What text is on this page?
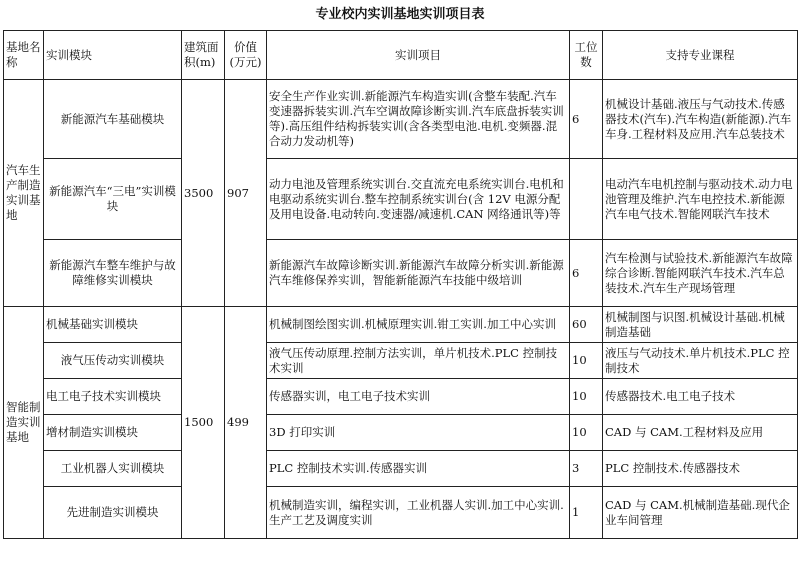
专业校内实训基地实训项目表
基地名称	实训模块	建筑面积(m)	价值(万元)	实训项目	工位数	支持专业课程
汽车生产制造实训基地	新能源汽车基础模块	3500	907	安全生产作业实训.新能源汽车构造实训(含整车装配.汽车变速器拆装实训.汽车空调故障诊断实训.汽车底盘拆装实训等).高压组件结构拆装实训(含各类型电池.电机.变频器.混合动力发动机等)	6	机械设计基础.液压与气动技术.传感器技术(汽车).汽车构造(新能源).汽车车身.工程材料及应用.汽车总装技术
	新能源汽车“三电”实训模块			动力电池及管理系统实训台.交直流充电系统实训台.电机和电驱动系统实训台.整车控制系统实训台(含 12V 电源分配及用电设备.电动转向.变速器/减速机.CAN 网络通讯等)等		电动汽车电机控制与驱动技术.动力电池管理及维护.汽车电控技术.新能源汽车电气技术.智能网联汽车技术
	新能源汽车整车维护与故障维修实训模块			新能源汽车故障诊断实训.新能源汽车故障分析实训.新能源汽车维修保养实训，智能新能源汽车技能中级培训	6	汽车检测与试验技术.新能源汽车故障综合诊断.智能网联汽车技术.汽车总装技术.汽车生产现场管理
智能制造实训基地	机械基础实训模块	1500	499	机械制图绘图实训.机械原理实训.钳工实训.加工中心实训	60	机械制图与识图.机械设计基础.机械制造基础
	液气压传动实训模块			液气压传动原理.控制方法实训，单片机技术.PLC 控制技术实训	10	液压与气动技术.单片机技术.PLC 控制技术
	电工电子技术实训模块			传感器实训，电工电子技术实训	10	传感器技术.电工电子技术
	增材制造实训模块			3D 打印实训	10	CAD 与 CAM.工程材料及应用
	工业机器人实训模块			PLC 控制技术实训.传感器实训	3	PLC 控制技术.传感器技术
	先进制造实训模块			机械制造实训，编程实训，工业机器人实训.加工中心实训.生产工艺及调度实训	1	CAD 与 CAM.机械制造基础.现代企业车间管理
